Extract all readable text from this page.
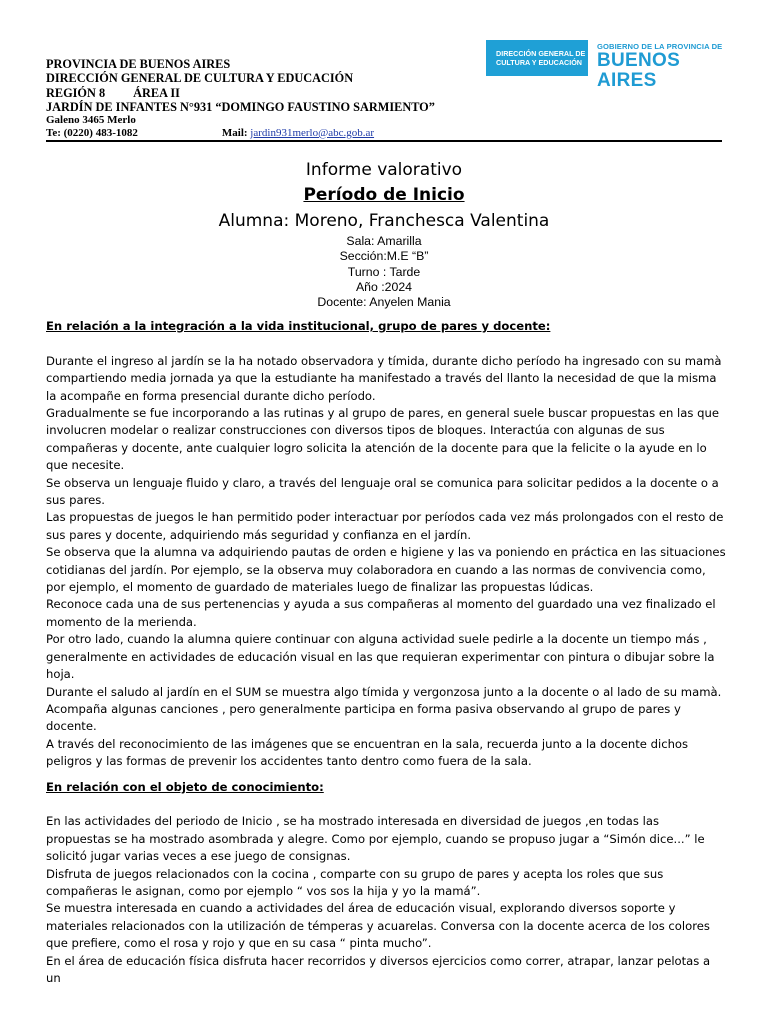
PROVINCIA DE BUENOS AIRES
DIRECCIÓN GENERAL DE CULTURA Y EDUCACIÓN
REGIÓN 8 ÁREA II
JARDÍN DE INFANTES N°931 “DOMINGO FAUSTINO SARMIENTO”
Galeno 3465 Merlo
Te: (0220) 483-1082	Mail: jardin931merlo@abc.gob.ar
DIRECCIÓN GENERAL DE
CULTURA Y EDUCACIÓN
GOBIERNO DE LA PROVINCIA DE
BUENOS AIRES
Informe valorativo
Período de Inicio
Alumna: Moreno, Franchesca Valentina
Sala: Amarilla
Sección:M.E “B”
Turno : Tarde
Año :2024
Docente: Anyelen Mania

En relación a la integración a la vida institucional, grupo de pares y docente:

Durante el ingreso al jardín se la ha notado observadora y tímida, durante dicho período ha ingresado con su mamà compartiendo media jornada ya que la estudiante ha manifestado a través del llanto la necesidad de que la misma la acompañe en forma presencial durante dicho período.

Gradualmente se fue incorporando a las rutinas y al grupo de pares, en general suele buscar propuestas en las que involucren modelar o realizar construcciones con diversos tipos de bloques. Interactúa con algunas de sus compañeras y docente, ante cualquier logro solicita la atención de la docente para que la felicite o la ayude en lo que necesite.

Se observa un lenguaje fluido y claro, a través del lenguaje oral se comunica para solicitar pedidos a la docente o a sus pares.

Las propuestas de juegos le han permitido poder interactuar por períodos cada vez más prolongados con el resto de sus pares y docente, adquiriendo más seguridad y confianza en el jardín.

Se observa que la alumna va adquiriendo pautas de orden e higiene y las va poniendo en práctica en las situaciones cotidianas del jardín. Por ejemplo, se la observa muy colaboradora en cuando a las normas de convivencia como, por ejemplo, el momento de guardado de materiales luego de finalizar las propuestas lúdicas.

Reconoce cada una de sus pertenencias y ayuda a sus compañeras al momento del guardado una vez finalizado el momento de la merienda.

Por otro lado, cuando la alumna quiere continuar con alguna actividad suele pedirle a la docente un tiempo más , generalmente en actividades de educación visual en las que requieran experimentar con pintura o dibujar sobre la hoja.

Durante el saludo al jardín en el SUM se muestra algo tímida y vergonzosa junto a la docente o al lado de su mamà. Acompaña algunas canciones , pero generalmente participa en forma pasiva observando al grupo de pares y docente.

A través del reconocimiento de las imágenes que se encuentran en la sala, recuerda junto a la docente dichos peligros y las formas de prevenir los accidentes tanto dentro como fuera de la sala.

En relación con el objeto de conocimiento:

En las actividades del periodo de Inicio , se ha mostrado interesada en diversidad de juegos ,en todas las propuestas se ha mostrado asombrada y alegre. Como por ejemplo, cuando se propuso jugar a “Simón dice...” le solicitó jugar varias veces a ese juego de consignas.

Disfruta de juegos relacionados con la cocina , comparte con su grupo de pares y acepta los roles que sus compañeras le asignan, como por ejemplo “ vos sos la hija y yo la mamá”.

Se muestra interesada en cuando a actividades del área de educación visual, explorando diversos soporte y materiales relacionados con la utilización de témperas y acuarelas. Conversa con la docente acerca de los colores que prefiere, como el rosa y rojo y que en su casa “ pinta mucho”.

En el área de educación física disfruta hacer recorridos y diversos ejercicios como correr, atrapar, lanzar pelotas a un
